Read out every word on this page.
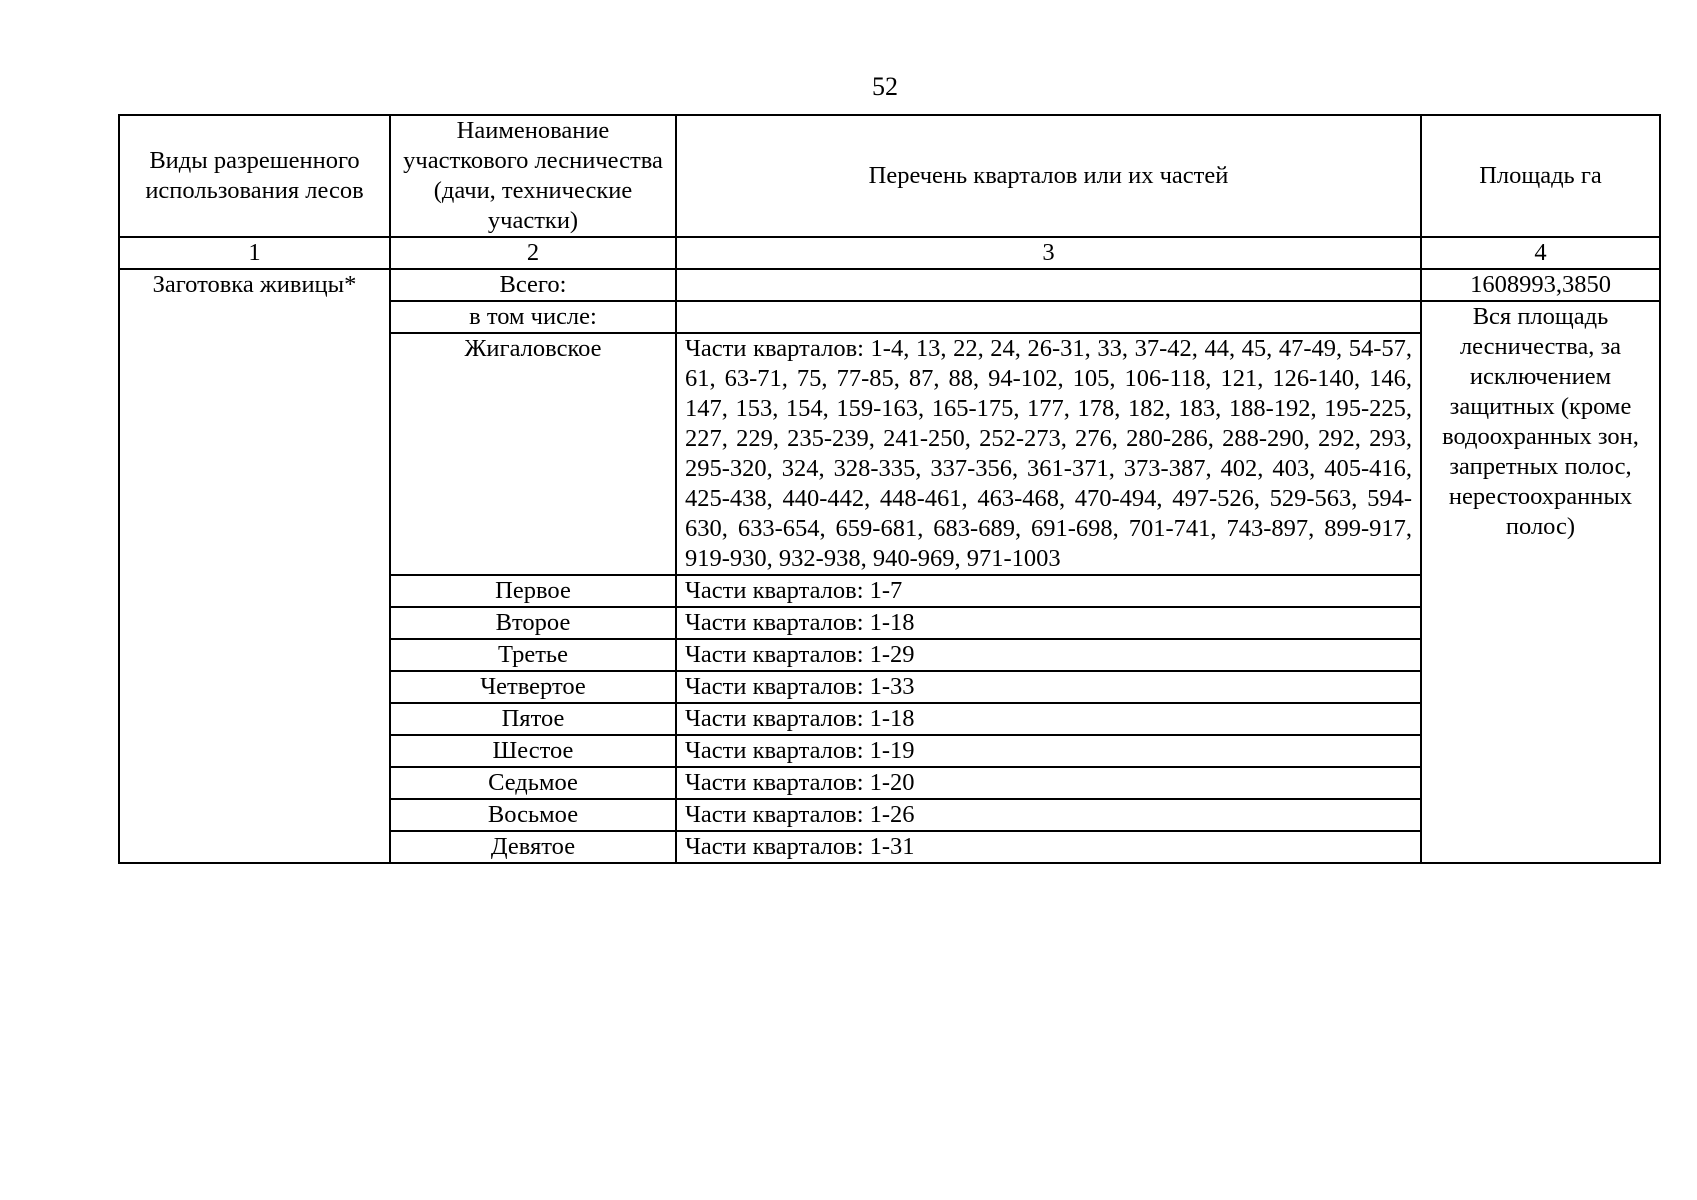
52
Виды разрешенного использования лесов	Наименование участкового лесничества (дачи, технические участки)	Перечень кварталов или их частей	Площадь га
1	2	3	4
Заготовка живицы*	Всего:		1608993,3850
	в том числе:		Вся площадь лесничества, за исключением защитных (кроме водоохранных зон, запретных полос, нерестоохранных полос)
	Жигаловское	Части кварталов: 1-4, 13, 22, 24, 26-31, 33, 37-42, 44, 45, 47-49, 54-57, 61, 63-71, 75, 77-85, 87, 88, 94-102, 105, 106-118, 121, 126-140, 146, 147, 153, 154, 159-163, 165-175, 177, 178, 182, 183, 188-192, 195-225, 227, 229, 235-239, 241-250, 252-273, 276, 280-286, 288-290, 292, 293, 295-320, 324, 328-335, 337-356, 361-371, 373-387, 402, 403, 405-416, 425-438, 440-442, 448-461, 463-468, 470-494, 497-526, 529-563, 594-630, 633-654, 659-681, 683-689, 691-698, 701-741, 743-897, 899-917, 919-930, 932-938, 940-969, 971-1003	
	Первое	Части кварталов: 1-7	
	Второе	Части кварталов: 1-18	
	Третье	Части кварталов: 1-29	
	Четвертое	Части кварталов: 1-33	
	Пятое	Части кварталов: 1-18	
	Шестое	Части кварталов: 1-19	
	Седьмое	Части кварталов: 1-20	
	Восьмое	Части кварталов: 1-26	
	Девятое	Части кварталов: 1-31	
